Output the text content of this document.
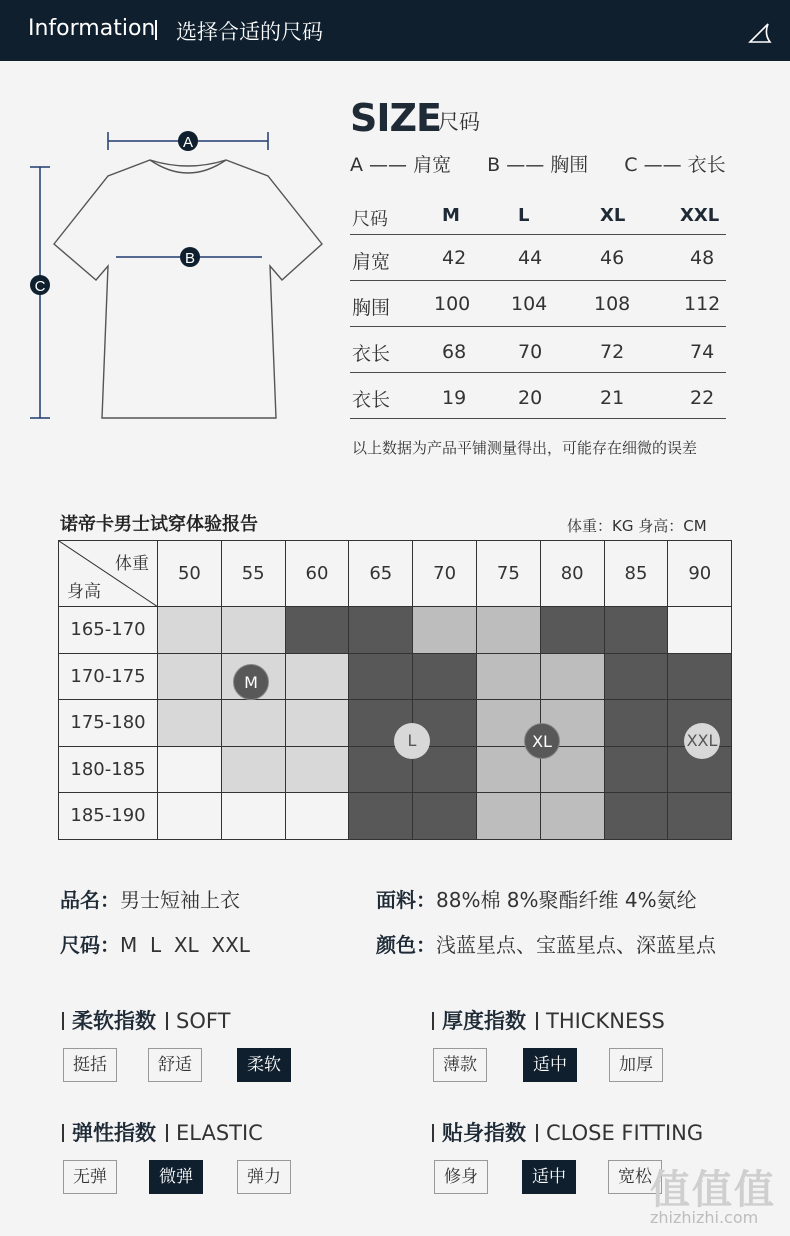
Information 选择合适的尺码
A
B
C
SIZE
尺码
A —— 肩宽 B —— 胸围 C —— 衣长
尺码	M	L	XL	XXL
肩宽	42	44	46	48
胸围 100 104 108	112
衣长	68	70	72	74
衣长	19	20	21	22
以上数据为产品平铺测量得出，可能存在细微的误差
诺帝卡男士试穿体验报告	体重：KG 身高：CM
体重
身高	50	55	60	65	70	75	80	85	90
165-170									
170-175									
175-180									
180-185									
185-190									
品名：男士短袖上衣	面料：88%棉 8%聚酯纤维 4%氨纶
尺码：M  L  XL  XXL	颜色：浅蓝星点、宝蓝星点、深蓝星点
柔软指数 SOFT	厚度指数 THICKNESS
弹性指数 ELASTIC	贴身指数 CLOSE FITTING
挺括	舒适	柔软	薄款	适中	加厚
无弹	微弹	弹力	修身	适中	宽松
值值值
zhizhizhi.com
M
L	XL	XXL
